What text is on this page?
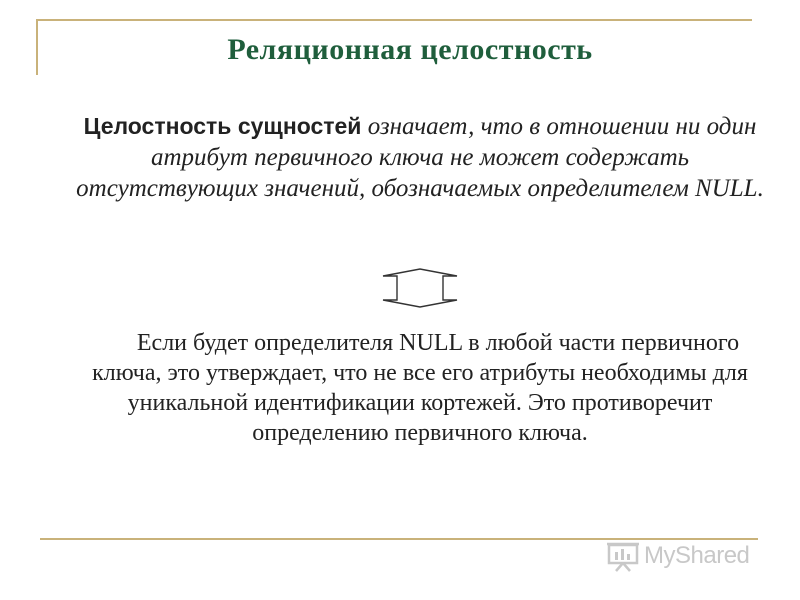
Реляционная целостность
Целостность сущностей означает, что в отношении ни один атрибут первичного ключа не может содержать отсутствующих значений, обозначаемых определителем NULL.
Если будет определителя NULL в любой части первичного ключа, это утверждает, что не все его атрибуты необходимы для уникальной идентификации кортежей. Это противоречит определению первичного ключа.
MyShared
